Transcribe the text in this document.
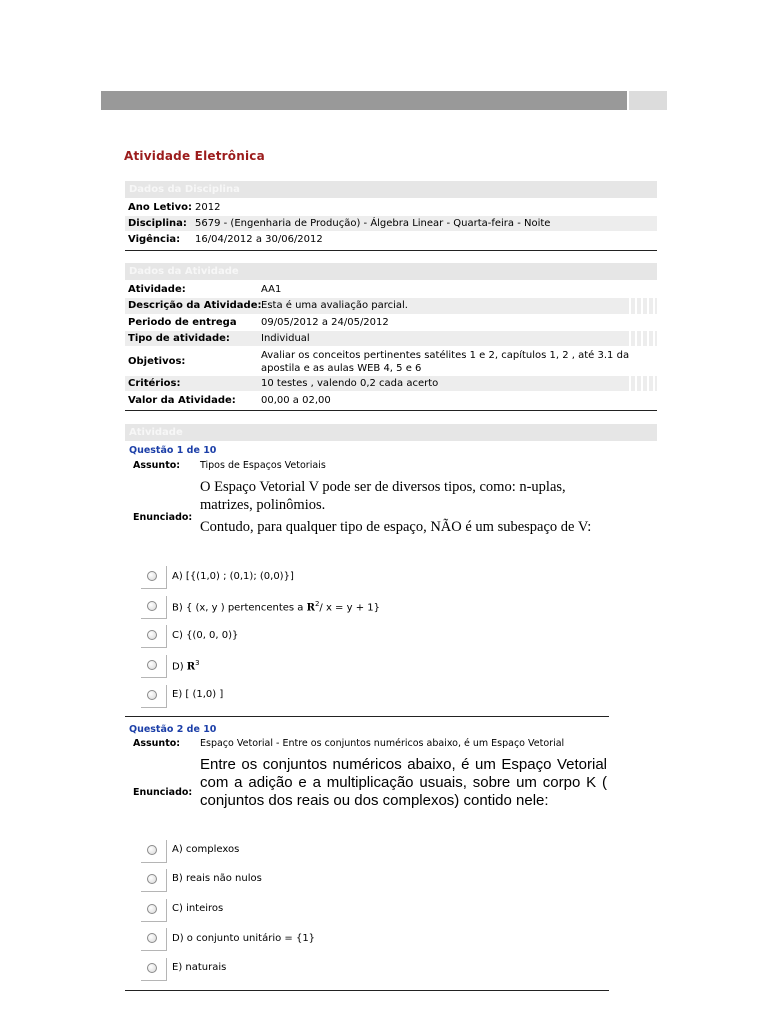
Atividade Eletrônica
Dados da Disciplina
Ano Letivo: 2012
Disciplina: 5679 - (Engenharia de Produção) - Álgebra Linear - Quarta-feira - Noite
Vigência: 16/04/2012 a 30/06/2012
Dados da Atividade
Atividade:	AA1
Descrição da Atividade: Esta é uma avaliação parcial.
Periodo de entrega 09/05/2012 a 24/05/2012
Tipo de atividade:	Individual
Objetivos:
Avaliar os conceitos pertinentes satélites 1 e 2, capítulos 1, 2 , até 3.1 da apostila e as aulas WEB 4, 5 e 6
Critérios:	10 testes , valendo 0,2 cada acerto
Valor da Atividade:	00,00 a 02,00
Atividade
Questão 1 de 10
Assunto: Tipos de Espaços Vetoriais
Enunciado:
O Espaço Vetorial V pode ser de diversos tipos, como: n-uplas, matrizes, polinômios.
Contudo, para qualquer tipo de espaço, NÃO é um subespaço de V:
A) [{(1,0) ; (0,1); (0,0)}]
B) { (x, y ) pertencentes a $R^2/$ x = y + 1}
C) {(0, 0, 0)}
D) $R^3$
E) [ (1,0) ]
Questão 2 de 10
Assunto: Espaço Vetorial - Entre os conjuntos numéricos abaixo, é um Espaço Vetorial
Enunciado:
Entre os conjuntos numéricos abaixo, é um Espaço Vetorial com a adição e a multiplicação usuais, sobre um corpo K ( conjuntos dos reais ou dos complexos) contido nele:
A) complexos
B) reais não nulos
C) inteiros
D) o conjunto unitário = {1}
E) naturais
